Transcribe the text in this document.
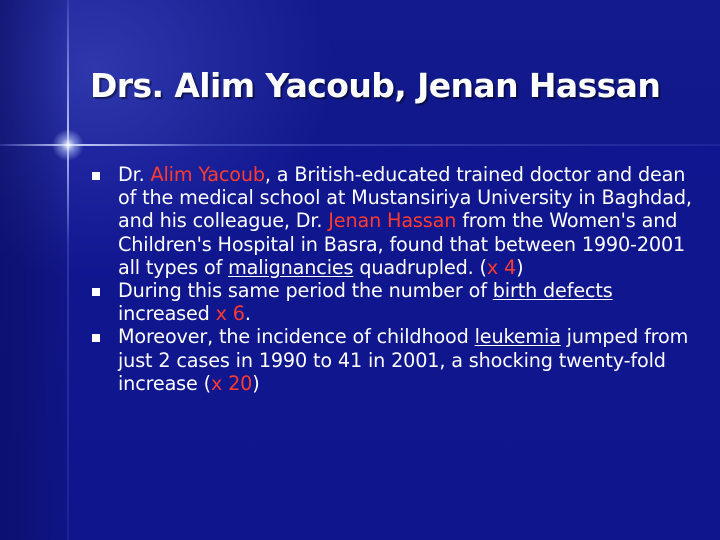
Drs. Alim Yacoub, Jenan Hassan
Dr. Alim Yacoub, a British-educated trained doctor and dean of the medical school at Mustansiriya University in Baghdad, and his colleague, Dr. Jenan Hassan from the Women's and Children's Hospital in Basra, found that between 1990-2001 all types of malignancies quadrupled. (x 4)
During this same period the number of birth defects increased x 6.
Moreover, the incidence of childhood leukemia jumped from just 2 cases in 1990 to 41 in 2001, a shocking twenty-fold increase (x 20)
